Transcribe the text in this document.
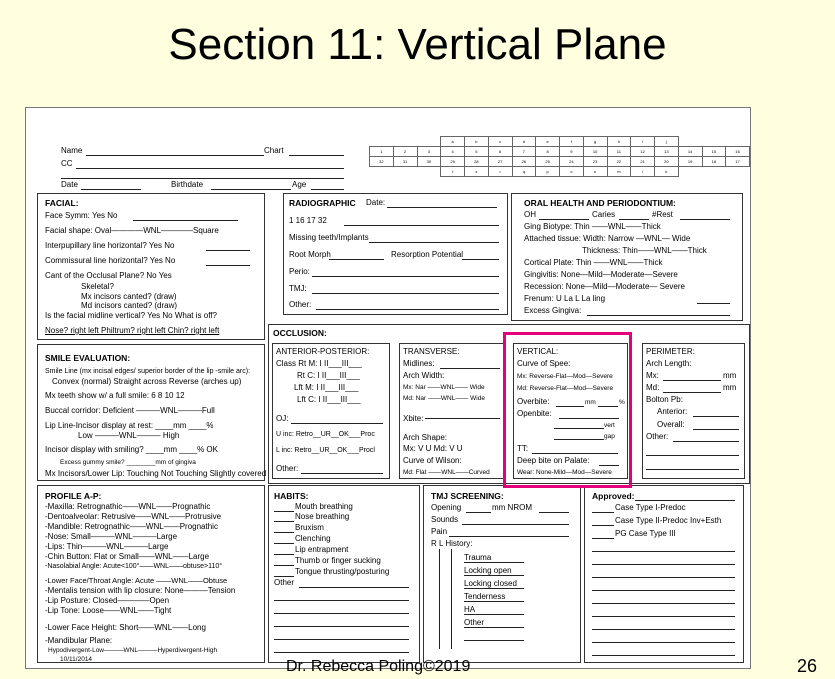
Section 11: Vertical Plane
Name	Chart
CC
Date	Birthdate	Age
			a	b	c	d	e	f	g	h	i	j			
1	2	3	4	5	6	7	8	9	10	11	12	13	14	15	16
32	31	30	29	28	27	26	25	24	23	22	21	20	19	18	17
			t	s	r	q	p	o	n	m	l	k			
FACIAL:
Face Symm: Yes No
Facial shape: Oval————WNL————Square
Interpupillary line horizontal? Yes No
Commissural line horizontal? Yes No
Cant of the Occlusal Plane? No Yes
Skeletal?
Mx incisors canted? (draw)
Md incisors canted? (draw)
Is the facial midline vertical? Yes No What is off?
Nose? right left Philtrum? right left Chin? right left
RADIOGRAPHIC Date:
1 16 17 32
Missing teeth/Implants
Root Morph	Resorption Potential
Perio:
TMJ:
Other:
ORAL HEALTH AND PERIODONTIUM:
OH	Caries	#Rest
Ging Biotype: Thin ——WNL——Thick
Attached tissue: Width: Narrow —WNL— Wide
Thickness: Thin——WNL——Thick
Cortical Plate: Thin ——WNL——Thick
Gingivitis: None—Mild—Moderate—Severe
Recession: None—Mild—Moderate— Severe
Frenum: U La L La ling
Excess Gingiva:
SMILE EVALUATION:
Smile Line (mx incisal edges/ superior border of the lip -smile arc):
Convex (normal) Straight across Reverse (arches up)
Mx teeth show w/ a full smile: 6 8 10 12
Buccal corridor: Deficient ———WNL———Full
Lip Line-Incisor display at rest: ____mm ____%
Low ———WNL——— High
Incisor display with smiling? ____mm ____% OK
Excess gummy smile? ________mm of gingiva
Mx Incisors/Lower Lip: Touching Not Touching Slightly covered
OCCLUSION:
ANTERIOR-POSTERIOR:
Class Rt M: I II___III___
Rt C: I II___III___
Lft M: I II___III___
Lft C: I II___III___
OJ:
U inc: Retro__UR__OK___Proc
L inc: Retro__UR__OK___Procl
Other:
TRANSVERSE:
Midlines:
Arch Width:
Mx: Nar ——WNL—— Wide
Md: Nar ——WNL—— Wide
Xbite:
Arch Shape:
Mx: V U Md: V U
Curve of Wilson:
Md: Flat ——WNL——Curved
VERTICAL:
Curve of Spee:
Mx: Reverse-Flat—Mod—Severe
Md: Reverse-Flat—Mod—Severe
Overbite:	mm	%
Openbite:
vert
gap
TT:
Deep bite on Palate:
Wear: None-Mild—Mod—Severe
PERIMETER:
Arch Length:
Mx:	mm
Md:	mm
Bolton Pb:
Anterior:
Overall:
Other:
PROFILE A-P:
-Maxilla: Retrognathic——WNL——Prognathic
-Dentoalveolar: Retrusive——WNL——Protrusive
-Mandible: Retrognathic——WNL——Prognathic
-Nose: Small———WNL———Large
-Lips: Thin———WNL———Large
-Chin Button: Flat or Small——WNL——Large
-Nasolabial Angle: Acute<100°——WNL——obtuse>110°
-Lower Face/Throat Angle: Acute ——WNL——Obtuse
-Mentalis tension with lip closure: None———Tension
-Lip Posture: Closed————Open
-Lip Tone: Loose——WNL——Tight
-Lower Face Height: Short——WNL——Long
-Mandibular Plane:
Hypodivergent-Low———WNL———Hyperdivergent-High
10/11/2014
HABITS:
Mouth breathing
Nose breathing
Bruxism
Clenching
Lip entrapment
Thumb or finger sucking
Tongue thrusting/posturing
Other
TMJ SCREENING:
Opening	mm NROM
Sounds
Pain
R L History:
Trauma
Locking open
Locking closed
Tenderness
HA
Other
Approved:
Case Type I-Predoc
Case Type II-Predoc Inv+Esth
PG Case Type III
Dr. Rebecca Poling©2019	26
